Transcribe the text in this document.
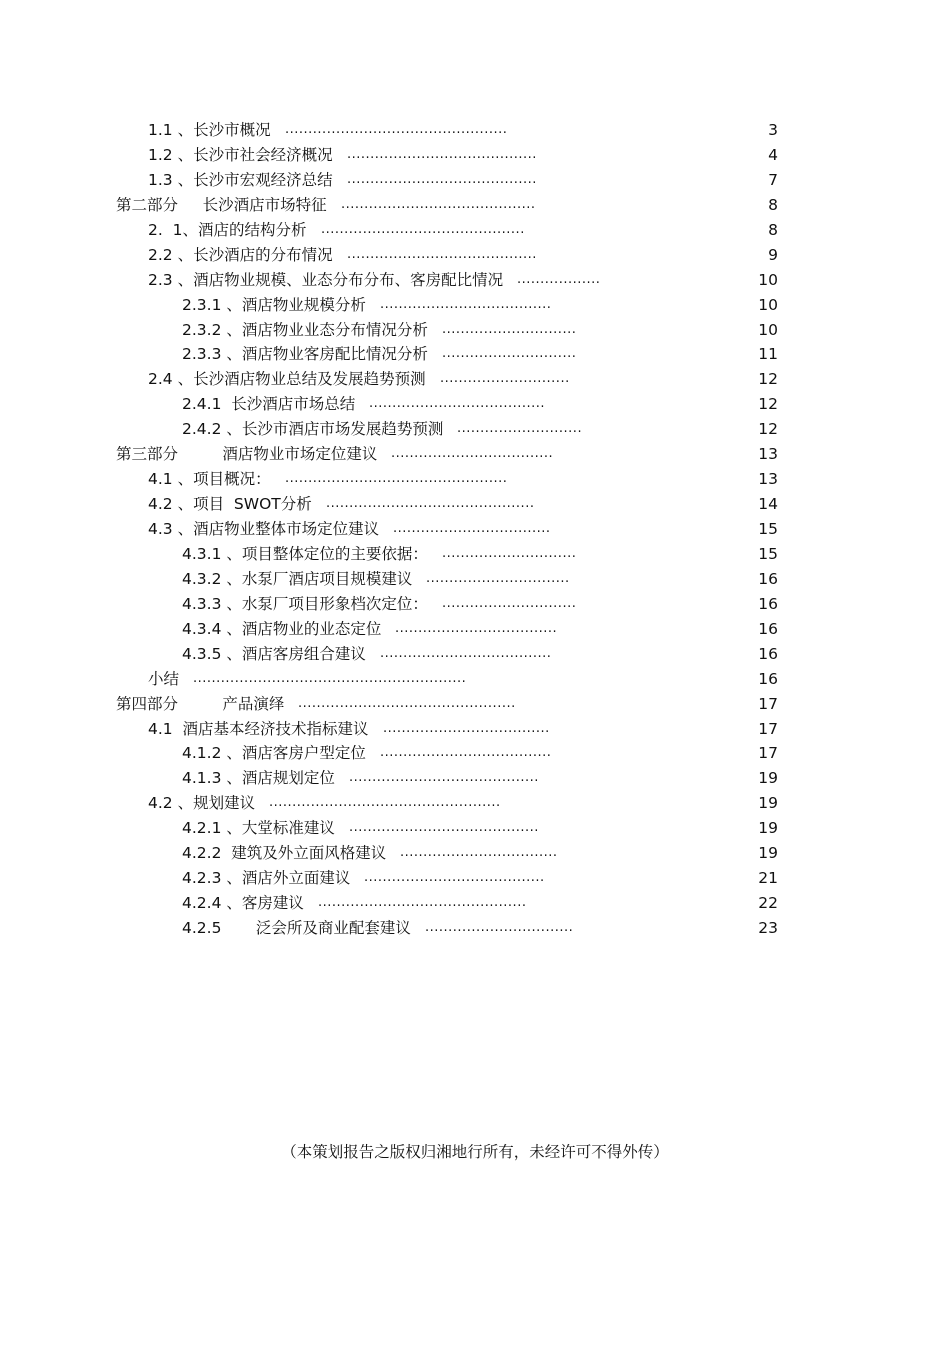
1.1 、长沙市概况 ................................................	3
1.2 、长沙市社会经济概况 .........................................	4
1.3 、长沙市宏观经济总结 .........................................	7
第二部分     长沙酒店市场特征 ..........................................	8
2.  1、酒店的结构分析 ............................................	8
2.2 、长沙酒店的分布情况 .........................................	9
2.3 、酒店物业规模、业态分布分布、客房配比情况 ..................	10
2.3.1 、酒店物业规模分析 .....................................	10
2.3.2 、酒店物业业态分布情况分析 .............................	10
2.3.3 、酒店物业客房配比情况分析 .............................	11
2.4 、长沙酒店物业总结及发展趋势预测 ............................	12
2.4.1  长沙酒店市场总结 ......................................	12
2.4.2 、长沙市酒店市场发展趋势预测 ...........................	12
第三部分         酒店物业市场定位建议 ...................................	13
4.1 、项目概况： ................................................	13
4.2 、项目  SWOT分析 .............................................	14
4.3 、酒店物业整体市场定位建议 ..................................	15
4.3.1 、项目整体定位的主要依据： .............................	15
4.3.2 、水泵厂酒店项目规模建议 ...............................	16
4.3.3 、水泵厂项目形象档次定位： .............................	16
4.3.4 、酒店物业的业态定位 ...................................	16
4.3.5 、酒店客房组合建议 .....................................	16
小结 ...........................................................	16
第四部分         产品演绎 ...............................................	17
4.1  酒店基本经济技术指标建议 ....................................	17
4.1.2 、酒店客房户型定位 .....................................	17
4.1.3 、酒店规划定位 .........................................	19
4.2 、规划建议 ..................................................	19
4.2.1 、大堂标准建议 .........................................	19
4.2.2  建筑及外立面风格建议 ..................................	19
4.2.3 、酒店外立面建议 .......................................	21
4.2.4 、客房建议 .............................................	22
4.2.5       泛会所及商业配套建议 ................................	23
（本策划报告之版权归湘地行所有，未经许可不得外传）
